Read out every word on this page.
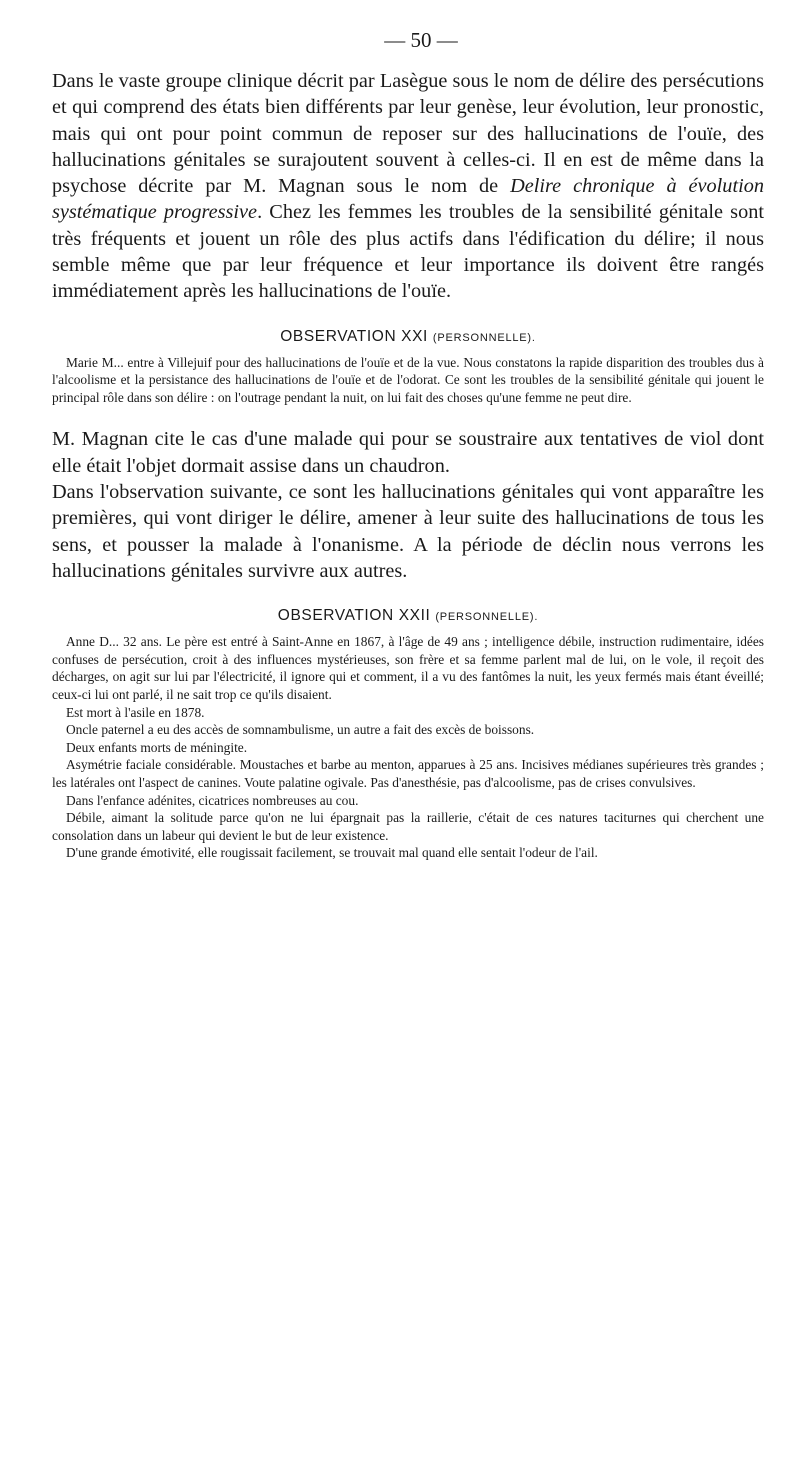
— 50 —

Dans le vaste groupe clinique décrit par Lasègue sous le nom de délire des persécutions et qui comprend des états bien différents par leur genèse, leur évolution, leur pronostic, mais qui ont pour point commun de reposer sur des hallucinations de l'ouïe, des hallucinations génitales se surajoutent souvent à celles-ci. Il en est de même dans la psychose décrite par M. Magnan sous le nom de Delire chronique à évolution systématique progressive. Chez les femmes les troubles de la sensibilité génitale sont très fréquents et jouent un rôle des plus actifs dans l'édification du délire; il nous semble même que par leur fréquence et leur importance ils doivent être rangés immédiatement après les hallucinations de l'ouïe.

OBSERVATION XXI (PERSONNELLE).

Marie M... entre à Villejuif pour des hallucinations de l'ouïe et de la vue. Nous constatons la rapide disparition des troubles dus à l'alcoolisme et la persistance des hallucinations de l'ouïe et de l'odorat. Ce sont les troubles de la sensibilité génitale qui jouent le principal rôle dans son délire : on l'outrage pendant la nuit, on lui fait des choses qu'une femme ne peut dire.

M. Magnan cite le cas d'une malade qui pour se soustraire aux tentatives de viol dont elle était l'objet dormait assise dans un chaudron.

Dans l'observation suivante, ce sont les hallucinations génitales qui vont apparaître les premières, qui vont diriger le délire, amener à leur suite des hallucinations de tous les sens, et pousser la malade à l'onanisme. A la période de déclin nous verrons les hallucinations génitales survivre aux autres.

OBSERVATION XXII (PERSONNELLE).

Anne D... 32 ans. Le père est entré à Saint-Anne en 1867, à l'âge de 49 ans ; intelligence débile, instruction rudimentaire, idées confuses de persécution, croit à des influences mystérieuses, son frère et sa femme parlent mal de lui, on le vole, il reçoit des décharges, on agit sur lui par l'électricité, il ignore qui et comment, il a vu des fantômes la nuit, les yeux fermés mais étant éveillé; ceux-ci lui ont parlé, il ne sait trop ce qu'ils disaient.

Est mort à l'asile en 1878.

Oncle paternel a eu des accès de somnambulisme, un autre a fait des excès de boissons.

Deux enfants morts de méningite.

Asymétrie faciale considérable. Moustaches et barbe au menton, apparues à 25 ans. Incisives médianes supérieures très grandes ; les latérales ont l'aspect de canines. Voute palatine ogivale. Pas d'anesthésie, pas d'alcoolisme, pas de crises convulsives.

Dans l'enfance adénites, cicatrices nombreuses au cou.

Débile, aimant la solitude parce qu'on ne lui épargnait pas la raillerie, c'était de ces natures taciturnes qui cherchent une consolation dans un labeur qui devient le but de leur existence.

D'une grande émotivité, elle rougissait facilement, se trouvait mal quand elle sentait l'odeur de l'ail.
